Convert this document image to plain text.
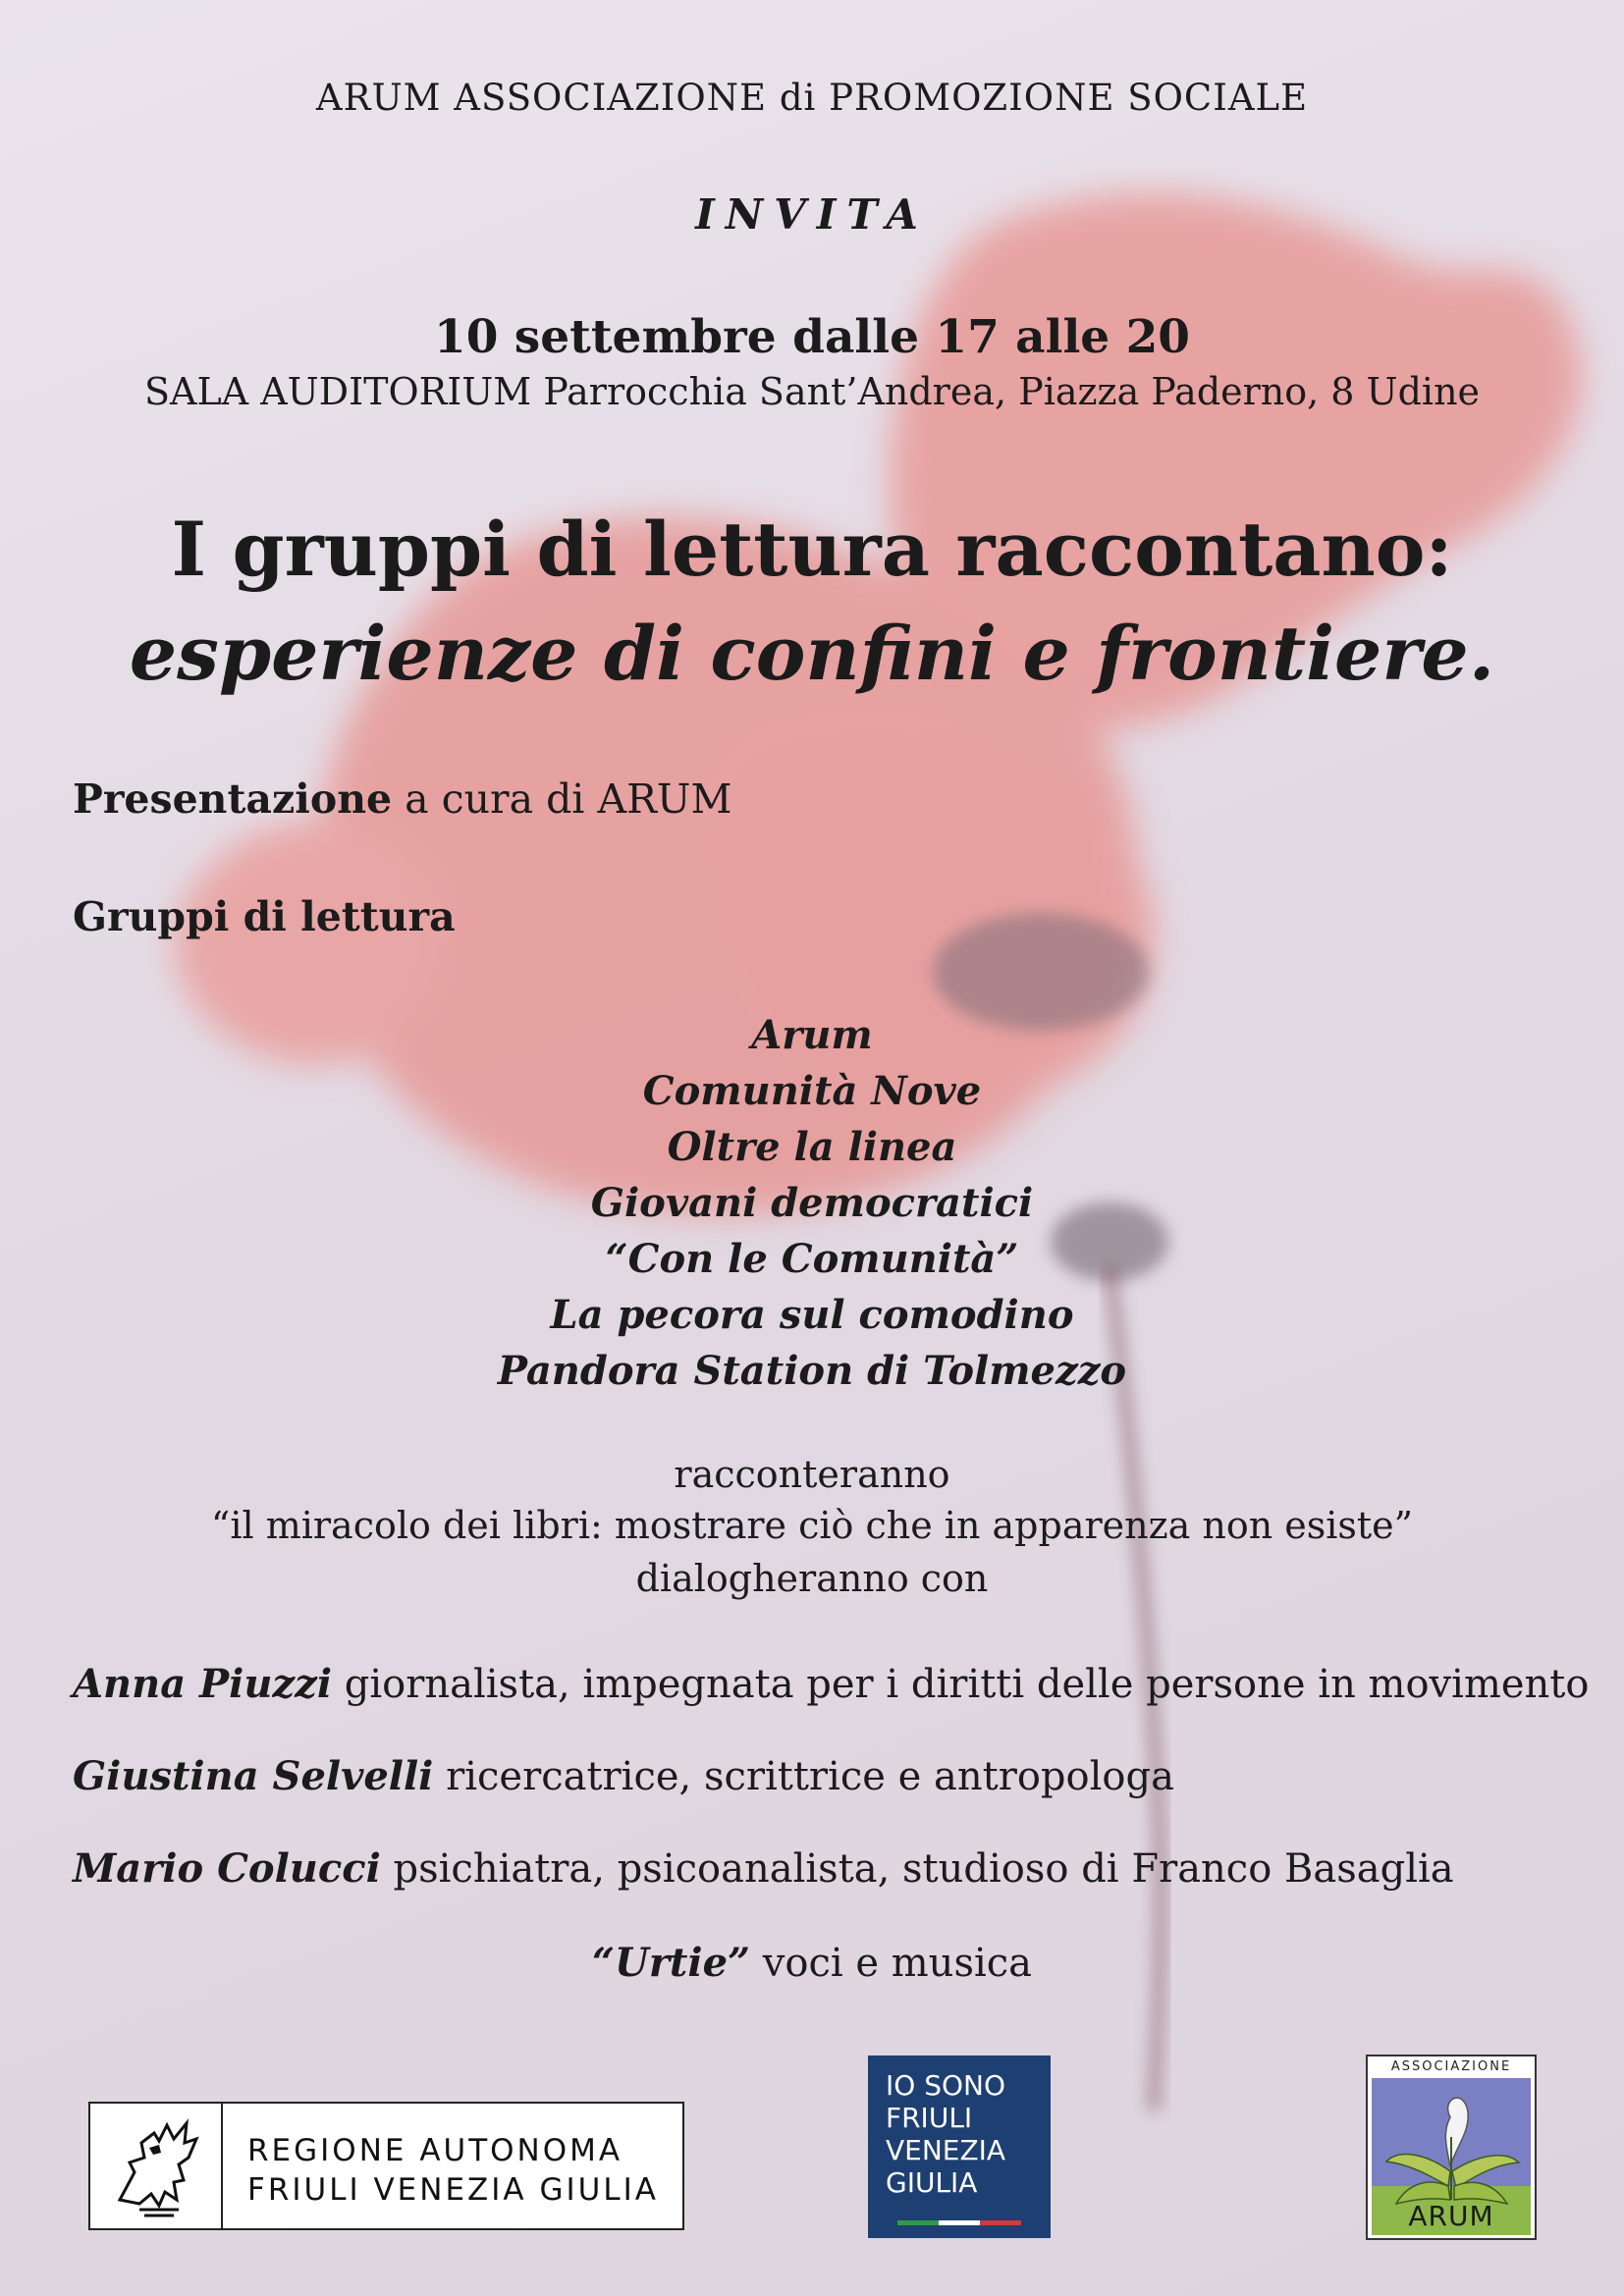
ARUM ASSOCIAZIONE di PROMOZIONE SOCIALE
INVITA
10 settembre dalle 17 alle 20
SALA AUDITORIUM Parrocchia Sant’Andrea, Piazza Paderno, 8 Udine
I gruppi di lettura raccontano:
esperienze di confini e frontiere.
Presentazione a cura di ARUM
Gruppi di lettura
Arum
Comunità Nove
Oltre la linea
Giovani democratici
“Con le Comunità”
La pecora sul comodino
Pandora Station di Tolmezzo
racconteranno
“il miracolo dei libri: mostrare ciò che in apparenza non esiste”
dialogheranno con
Anna Piuzzi giornalista, impegnata per i diritti delle persone in movimento
Giustina Selvelli ricercatrice, scrittrice e antropologa
Mario Colucci psichiatra, psicoanalista, studioso di Franco Basaglia
“Urtie” voci e musica
REGIONE AUTONOMA
FRIULI VENEZIA GIULIA
IO SONO
FRIULI
VENEZIA
GIULIA
ASSOCIAZIONE
ARUM
